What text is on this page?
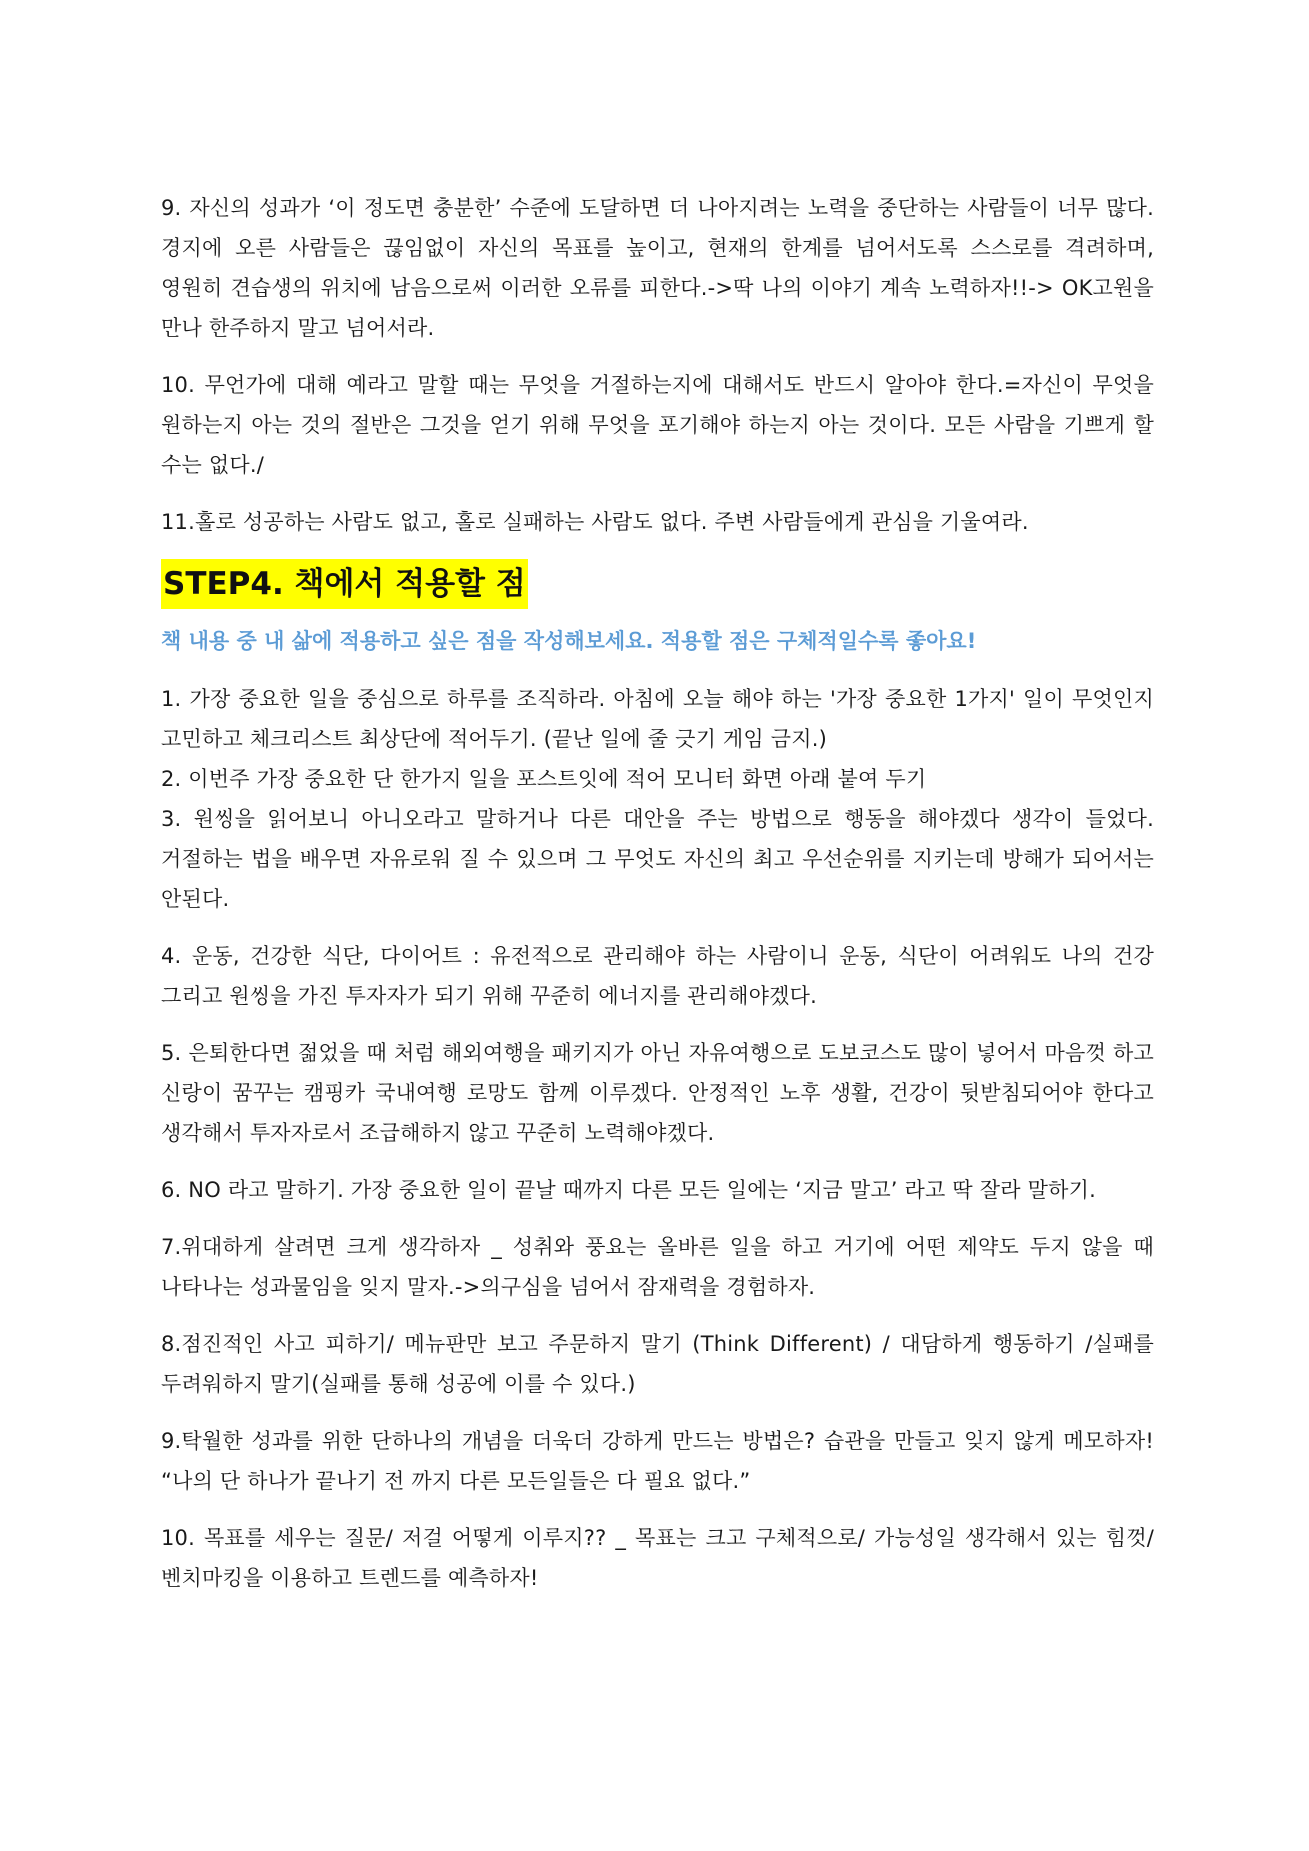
9. 자신의 성과가 ‘이 정도면 충분한’ 수준에 도달하면 더 나아지려는 노력을 중단하는 사람들이 너무 많다. 경지에 오른 사람들은 끊임없이 자신의 목표를 높이고, 현재의 한계를 넘어서도록 스스로를 격려하며, 영원히 견습생의 위치에 남음으로써 이러한 오류를 피한다.->딱 나의 이야기 계속 노력하자!!-> OK고원을 만나 한주하지 말고 넘어서라.

10. 무언가에 대해 예라고 말할 때는 무엇을 거절하는지에 대해서도 반드시 알아야 한다.=자신이 무엇을 원하는지 아는 것의 절반은 그것을 얻기 위해 무엇을 포기해야 하는지 아는 것이다. 모든 사람을 기쁘게 할 수는 없다./

11.홀로 성공하는 사람도 없고, 홀로 실패하는 사람도 없다. 주변 사람들에게 관심을 기울여라.

STEP4. 책에서 적용할 점

책 내용 중 내 삶에 적용하고 싶은 점을 작성해보세요. 적용할 점은 구체적일수록 좋아요!

1. 가장 중요한 일을 중심으로 하루를 조직하라. 아침에 오늘 해야 하는 '가장 중요한 1가지' 일이 무엇인지 고민하고 체크리스트 최상단에 적어두기. (끝난 일에 줄 긋기 게임 금지.)

2. 이번주 가장 중요한 단 한가지 일을 포스트잇에 적어 모니터 화면 아래 붙여 두기

3. 원씽을 읽어보니 아니오라고 말하거나 다른 대안을 주는 방법으로 행동을 해야겠다 생각이 들었다. 거절하는 법을 배우면 자유로워 질 수 있으며 그 무엇도 자신의 최고 우선순위를 지키는데 방해가 되어서는 안된다.

4. 운동, 건강한 식단, 다이어트 : 유전적으로 관리해야 하는 사람이니 운동, 식단이 어려워도 나의 건강 그리고 원씽을 가진 투자자가 되기 위해 꾸준히 에너지를 관리해야겠다.

5. 은퇴한다면 젊었을 때 처럼 해외여행을 패키지가 아닌 자유여행으로 도보코스도 많이 넣어서 마음껏 하고 신랑이 꿈꾸는 캠핑카 국내여행 로망도 함께 이루겠다. 안정적인 노후 생활, 건강이 뒷받침되어야 한다고 생각해서 투자자로서 조급해하지 않고 꾸준히 노력해야겠다.

6. NO 라고 말하기. 가장 중요한 일이 끝날 때까지 다른 모든 일에는 ‘지금 말고’ 라고 딱 잘라 말하기.

7.위대하게 살려면 크게 생각하자 _ 성취와 풍요는 올바른 일을 하고 거기에 어떤 제약도 두지 않을 때 나타나는 성과물임을 잊지 말자.->의구심을 넘어서 잠재력을 경험하자.

8.점진적인 사고 피하기/ 메뉴판만 보고 주문하지 말기 (Think Different) / 대담하게 행동하기 /실패를 두려워하지 말기(실패를 통해 성공에 이를 수 있다.)

9.탁월한 성과를 위한 단하나의 개념을 더욱더 강하게 만드는 방법은? 습관을 만들고 잊지 않게 메모하자! “나의 단 하나가 끝나기 전 까지 다른 모든일들은 다 필요 없다.”

10. 목표를 세우는 질문/ 저걸 어떻게 이루지?? _ 목표는 크고 구체적으로/ 가능성일 생각해서 있는 힘껏/ 벤치마킹을 이용하고 트렌드를 예측하자!
